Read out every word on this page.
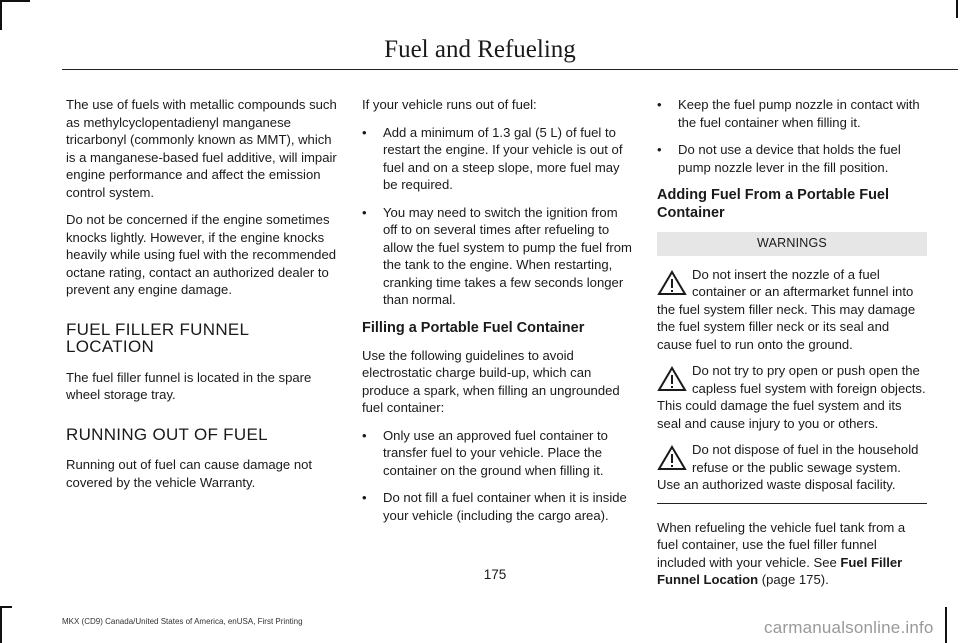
Fuel and Refueling

The use of fuels with metallic compounds such as methylcyclopentadienyl manganese tricarbonyl (commonly known as MMT), which is a manganese-based fuel additive, will impair engine performance and affect the emission control system.

Do not be concerned if the engine sometimes knocks lightly. However, if the engine knocks heavily while using fuel with the recommended octane rating, contact an authorized dealer to prevent any engine damage.

FUEL FILLER FUNNEL LOCATION

The fuel filler funnel is located in the spare wheel storage tray.

RUNNING OUT OF FUEL

Running out of fuel can cause damage not covered by the vehicle Warranty.

If your vehicle runs out of fuel:

• Add a minimum of 1.3 gal (5 L) of fuel to restart the engine. If your vehicle is out of fuel and on a steep slope, more fuel may be required.
• You may need to switch the ignition from off to on several times after refueling to allow the fuel system to pump the fuel from the tank to the engine. When restarting, cranking time takes a few seconds longer than normal.
Filling a Portable Fuel Container

Use the following guidelines to avoid electrostatic charge build-up, which can produce a spark, when filling an ungrounded fuel container:

• Only use an approved fuel container to transfer fuel to your vehicle. Place the container on the ground when filling it.
• Do not fill a fuel container when it is inside your vehicle (including the cargo area).
• Keep the fuel pump nozzle in contact with the fuel container when filling it.
• Do not use a device that holds the fuel pump nozzle lever in the fill position.
Adding Fuel From a Portable Fuel Container
WARNINGS
Do not insert the nozzle of a fuel container or an aftermarket funnel into the fuel system filler neck. This may damage the fuel system filler neck or its seal and cause fuel to run onto the ground.
Do not try to pry open or push open the capless fuel system with foreign objects. This could damage the fuel system and its seal and cause injury to you or others.
Do not dispose of fuel in the household refuse or the public sewage system. Use an authorized waste disposal facility.

When refueling the vehicle fuel tank from a fuel container, use the fuel filler funnel included with your vehicle. See Fuel Filler Funnel Location (page 175).

175
MKX (CD9) Canada/United States of America, enUSA, First Printing	carmanualsonline.info
